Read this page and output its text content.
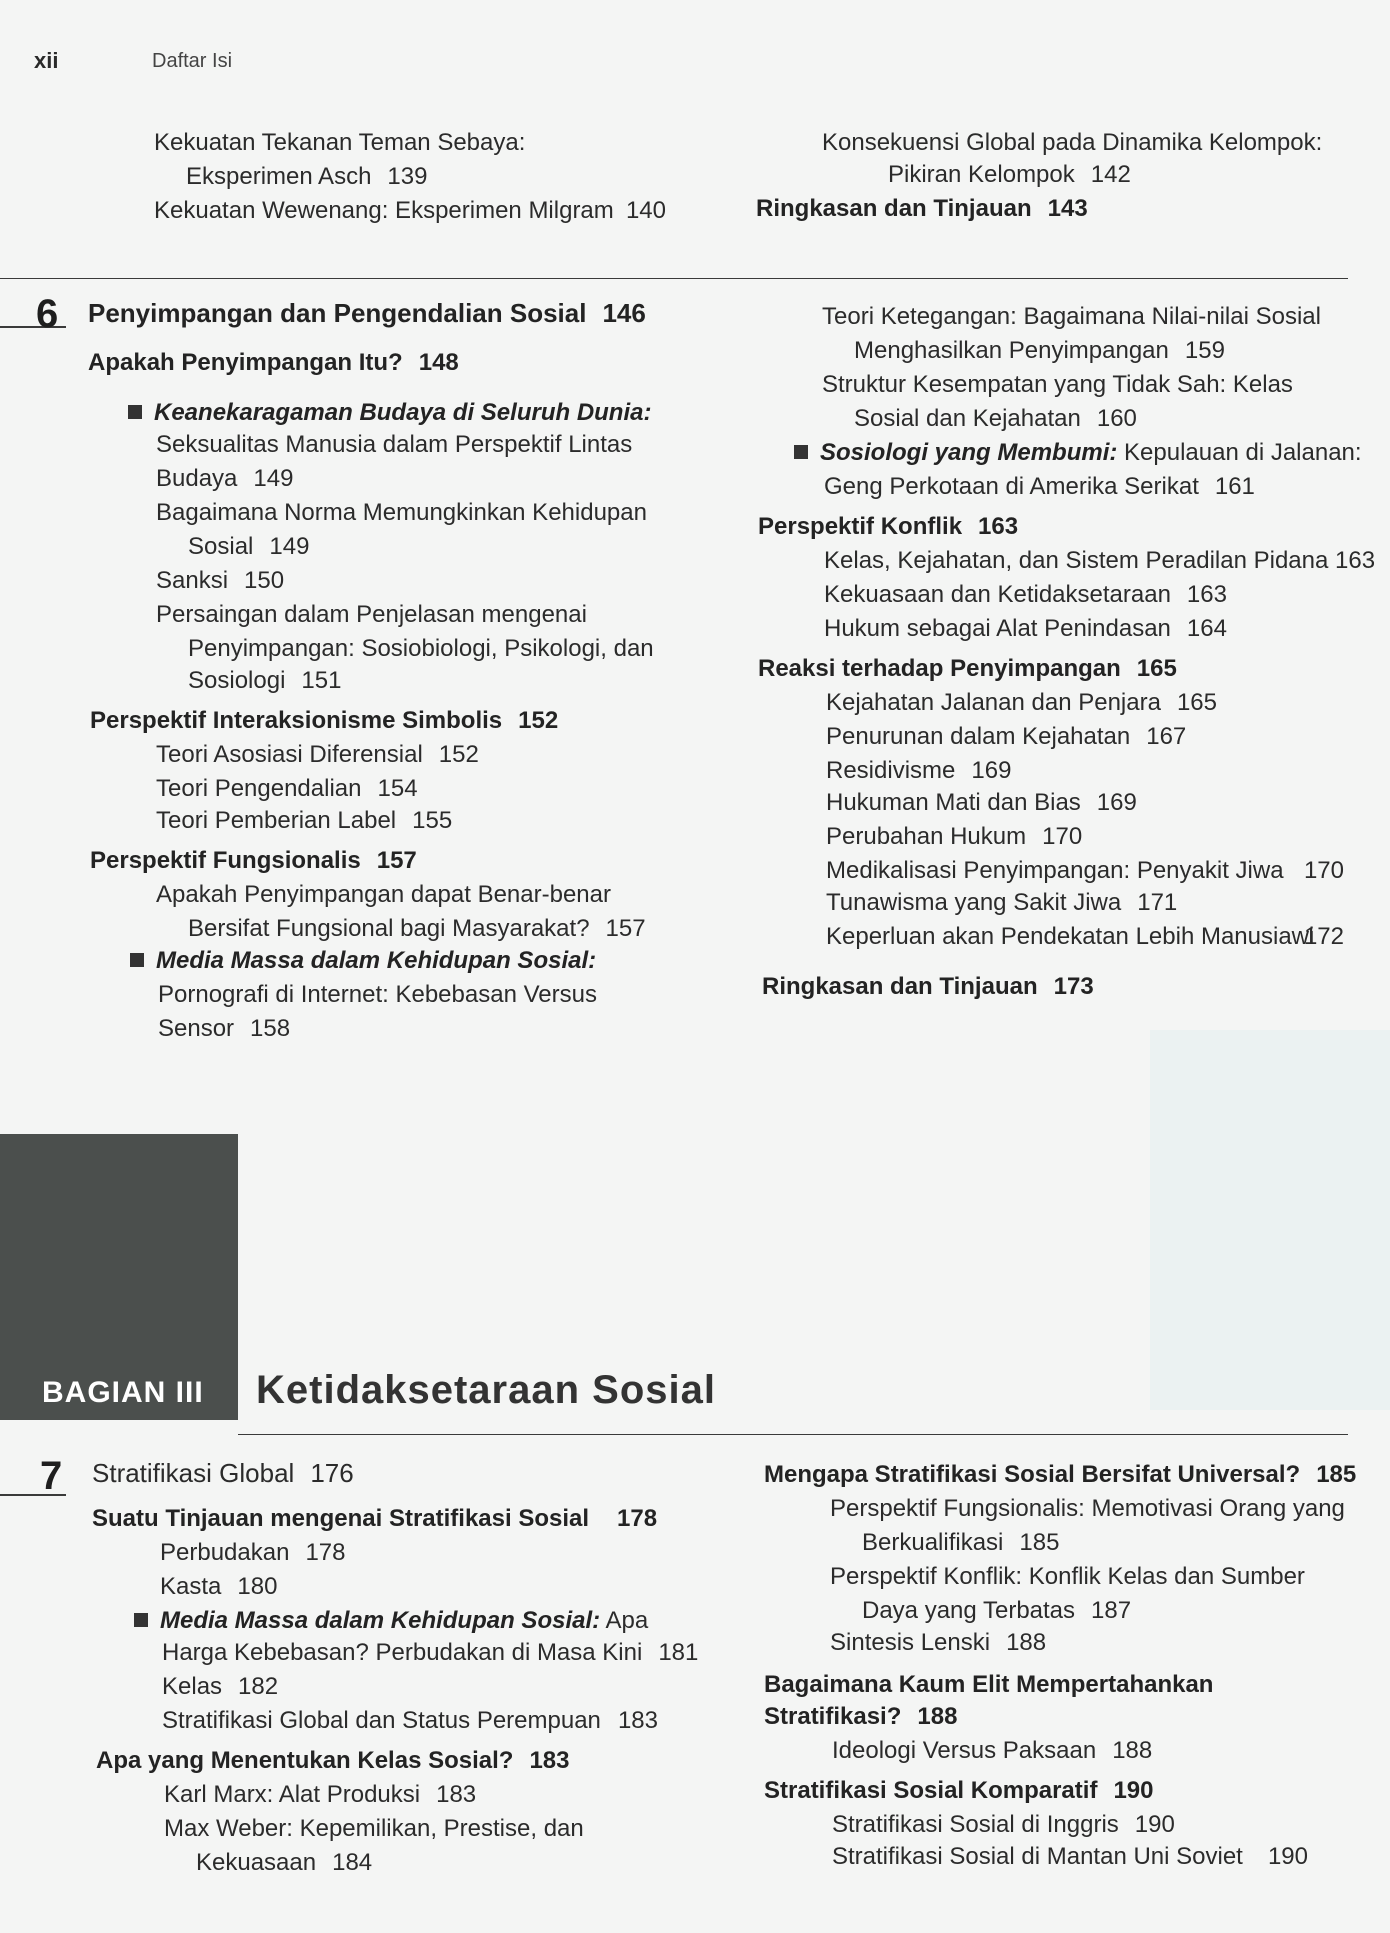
xii	Daftar Isi
Kekuatan Tekanan Teman Sebaya:
Eksperimen Asch 139
Kekuatan Wewenang: Eksperimen Milgram 140
Konsekuensi Global pada Dinamika Kelompok:
Pikiran Kelompok 142
Ringkasan dan Tinjauan 143
6 Penyimpangan dan Pengendalian Sosial 146
Apakah Penyimpangan Itu? 148
Keanekaragaman Budaya di Seluruh Dunia:
Seksualitas Manusia dalam Perspektif Lintas
Budaya 149
Bagaimana Norma Memungkinkan Kehidupan
Sosial 149
Sanksi 150
Persaingan dalam Penjelasan mengenai
Penyimpangan: Sosiobiologi, Psikologi, dan
Sosiologi 151
Perspektif Interaksionisme Simbolis 152
Teori Asosiasi Diferensial 152
Teori Pengendalian 154
Teori Pemberian Label 155
Perspektif Fungsionalis 157
Apakah Penyimpangan dapat Benar-benar
Bersifat Fungsional bagi Masyarakat? 157
Media Massa dalam Kehidupan Sosial:
Pornografi di Internet: Kebebasan Versus
Sensor 158
Teori Ketegangan: Bagaimana Nilai-nilai Sosial
Menghasilkan Penyimpangan 159
Struktur Kesempatan yang Tidak Sah: Kelas
Sosial dan Kejahatan 160
Sosiologi yang Membumi: Kepulauan di Jalanan:
Geng Perkotaan di Amerika Serikat 161
Perspektif Konflik 163
Kelas, Kejahatan, dan Sistem Peradilan Pidana 163
Kekuasaan dan Ketidaksetaraan 163
Hukum sebagai Alat Penindasan 164
Reaksi terhadap Penyimpangan 165
Kejahatan Jalanan dan Penjara 165
Penurunan dalam Kejahatan 167
Residivisme 169
Hukuman Mati dan Bias 169
Perubahan Hukum 170
Medikalisasi Penyimpangan: Penyakit Jiwa 170
Tunawisma yang Sakit Jiwa 171
Keperluan akan Pendekatan Lebih Manusiawi
172
Ringkasan dan Tinjauan 173
BAGIAN III Ketidaksetaraan Sosial
7 Stratifikasi Global 176
Suatu Tinjauan mengenai Stratifikasi Sosial 178
Perbudakan 178
Kasta 180
Media Massa dalam Kehidupan Sosial: Apa
Harga Kebebasan? Perbudakan di Masa Kini 181
Kelas 182
Stratifikasi Global dan Status Perempuan 183
Apa yang Menentukan Kelas Sosial? 183
Karl Marx: Alat Produksi 183
Max Weber: Kepemilikan, Prestise, dan
Kekuasaan 184
Mengapa Stratifikasi Sosial Bersifat Universal? 185
Perspektif Fungsionalis: Memotivasi Orang yang
Berkualifikasi 185
Perspektif Konflik: Konflik Kelas dan Sumber
Daya yang Terbatas 187
Sintesis Lenski 188
Bagaimana Kaum Elit Mempertahankan
Stratifikasi? 188
Ideologi Versus Paksaan 188
Stratifikasi Sosial Komparatif 190
Stratifikasi Sosial di Inggris 190
Stratifikasi Sosial di Mantan Uni Soviet 190
